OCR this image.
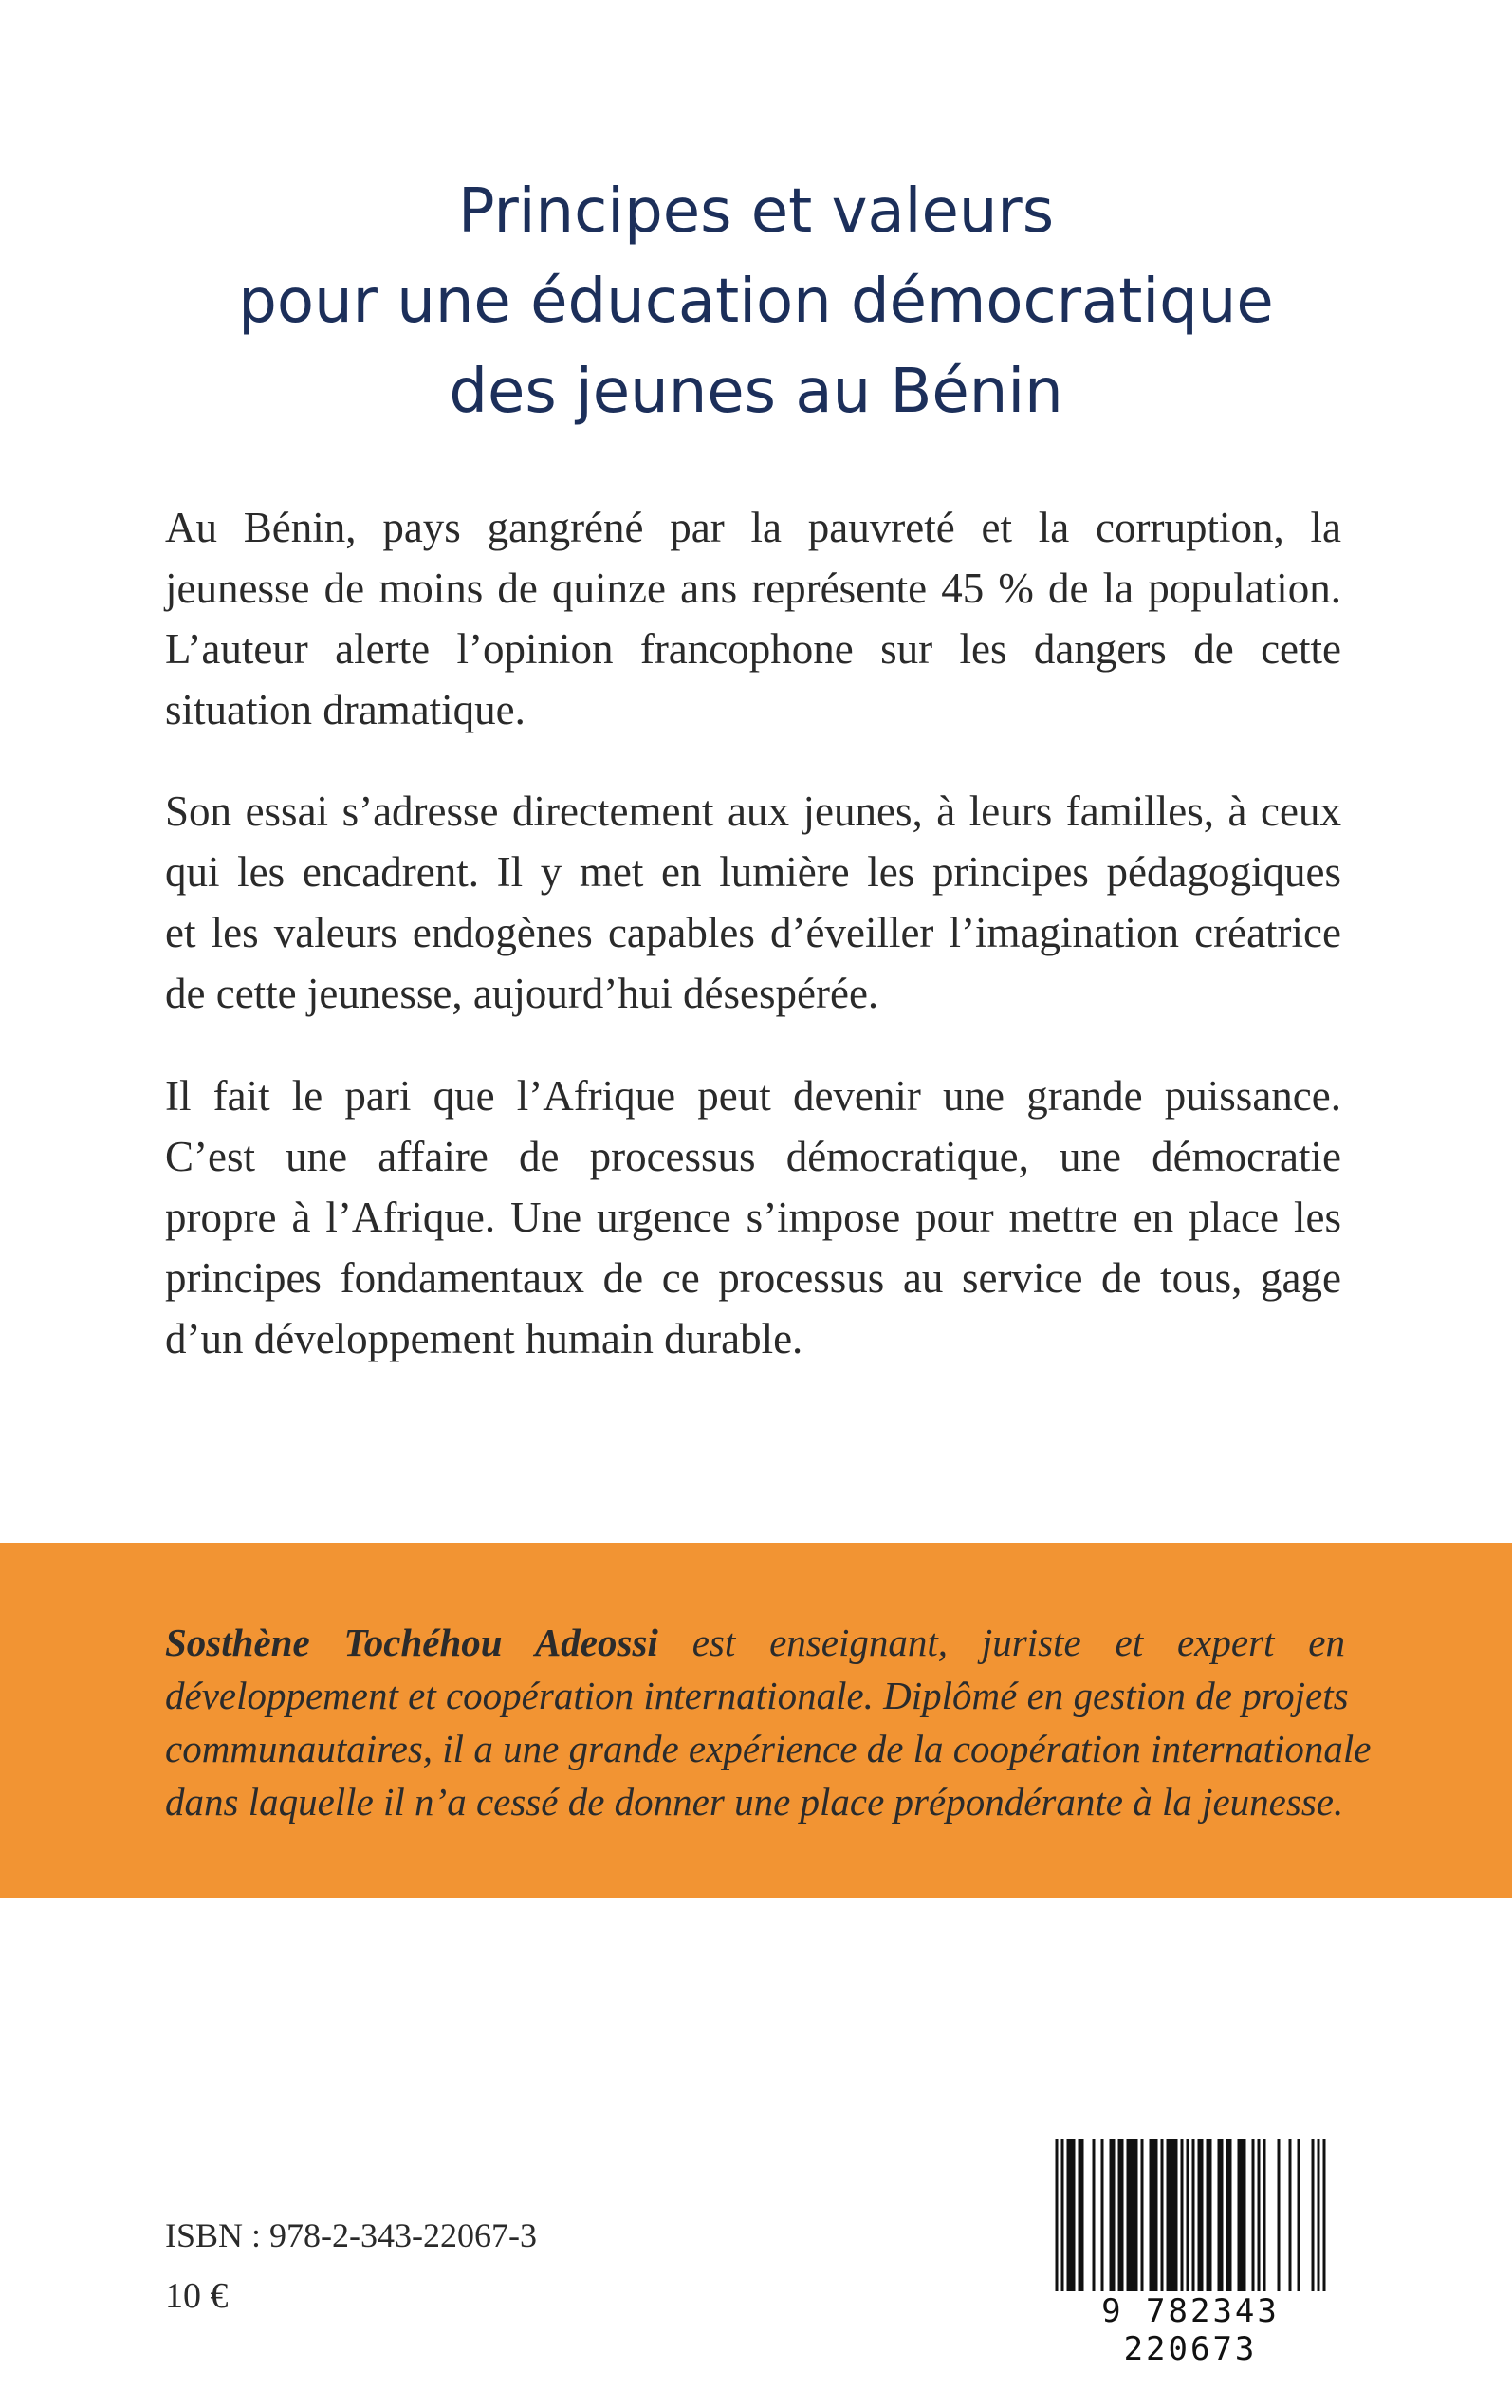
Principes et valeurs
pour une éducation démocratique
des jeunes au Bénin
Au Bénin, pays gangréné par la pauvreté et la corruption, la
jeunesse de moins de quinze ans représente 45 % de la population.
L’auteur alerte l’opinion francophone sur les dangers de cette
situation dramatique.
Son essai s’adresse directement aux jeunes, à leurs familles, à ceux
qui les encadrent. Il y met en lumière les principes pédagogiques
et les valeurs endogènes capables d’éveiller l’imagination créatrice
de cette jeunesse, aujourd’hui désespérée.
Il fait le pari que l’Afrique peut devenir une grande puissance.
C’est une affaire de processus démocratique, une démocratie
propre à l’Afrique. Une urgence s’impose pour mettre en place les
principes fondamentaux de ce processus au service de tous, gage
d’un développement humain durable.
Sosthène Tochéhou Adeossi est enseignant, juriste et expert en
développement et coopération internationale. Diplômé en gestion de projets
communautaires, il a une grande expérience de la coopération internationale
dans laquelle il n’a cessé de donner une place prépondérante à la jeunesse.
ISBN : 978-2-343-22067-3
10 €	9 782343 220673
